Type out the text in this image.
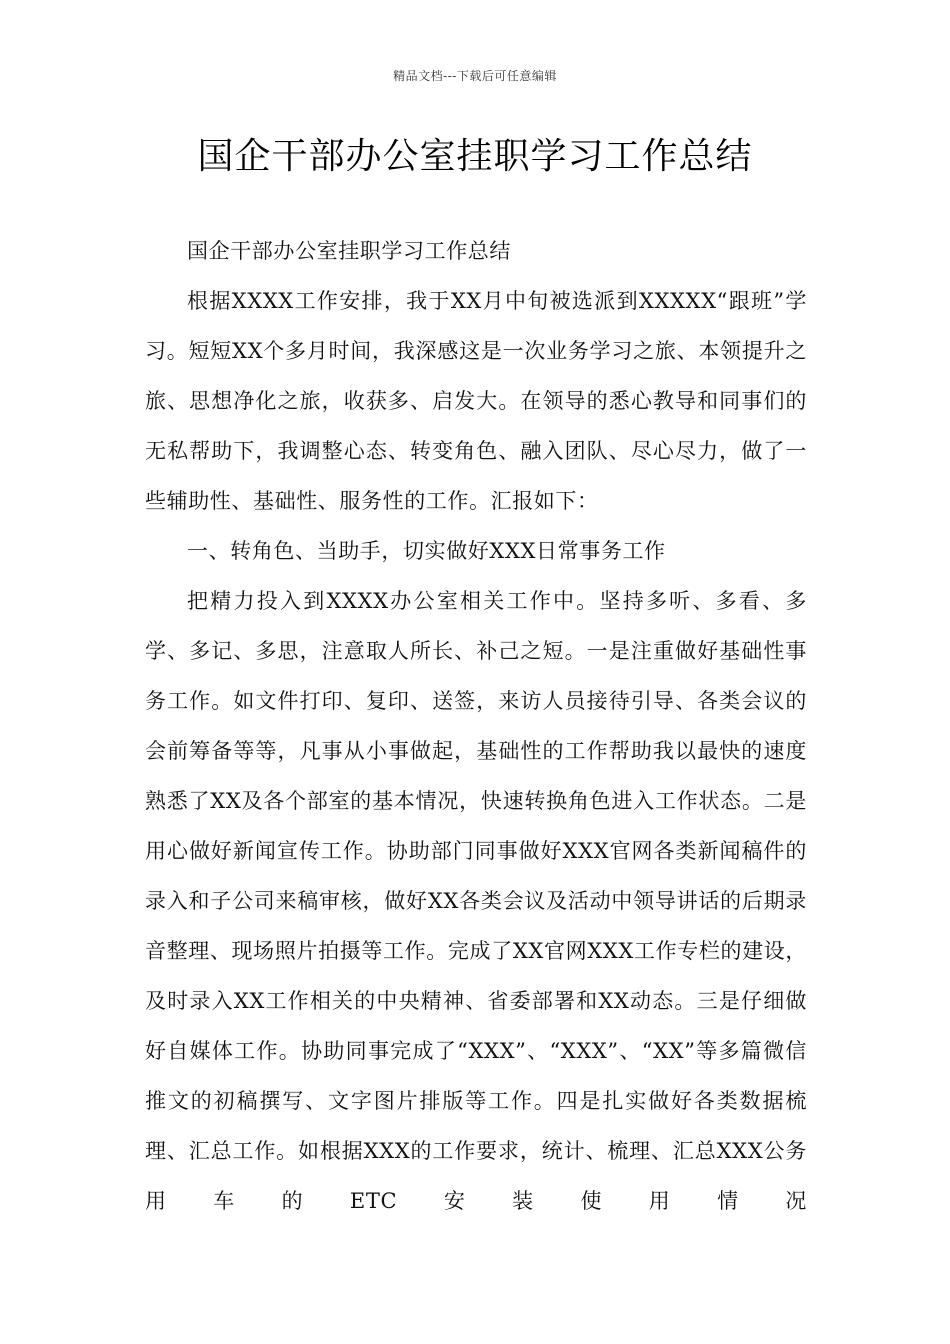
精品文档---下载后可任意编辑
国企干部办公室挂职学习工作总结

国企干部办公室挂职学习工作总结

根据XXXX工作安排，我于XX月中旬被选派到XXXXX“跟班”学习。短短XX个多月时间，我深感这是一次业务学习之旅、本领提升之旅、思想净化之旅，收获多、启发大。在领导的悉心教导和同事们的无私帮助下，我调整心态、转变角色、融入团队、尽心尽力，做了一些辅助性、基础性、服务性的工作。汇报如下：

一、转角色、当助手，切实做好XXX日常事务工作

把精力投入到XXXX办公室相关工作中。坚持多听、多看、多学、多记、多思，注意取人所长、补己之短。一是注重做好基础性事务工作。如文件打印、复印、送签，来访人员接待引导、各类会议的会前筹备等等，凡事从小事做起，基础性的工作帮助我以最快的速度熟悉了XX及各个部室的基本情况，快速转换角色进入工作状态。二是用心做好新闻宣传工作。协助部门同事做好XXX官网各类新闻稿件的录入和子公司来稿审核，做好XX各类会议及活动中领导讲话的后期录音整理、现场照片拍摄等工作。完成了XX官网XXX工作专栏的建设，及时录入XX工作相关的中央精神、省委部署和XX动态。三是仔细做好自媒体工作。协助同事完成了“XXX”、“XXX”、“XX”等多篇微信推文的初稿撰写、文字图片排版等工作。四是扎实做好各类数据梳理、汇总工作。如根据XXX的工作要求，统计、梳理、汇总XXX公务用车的ETC安装使用情况
